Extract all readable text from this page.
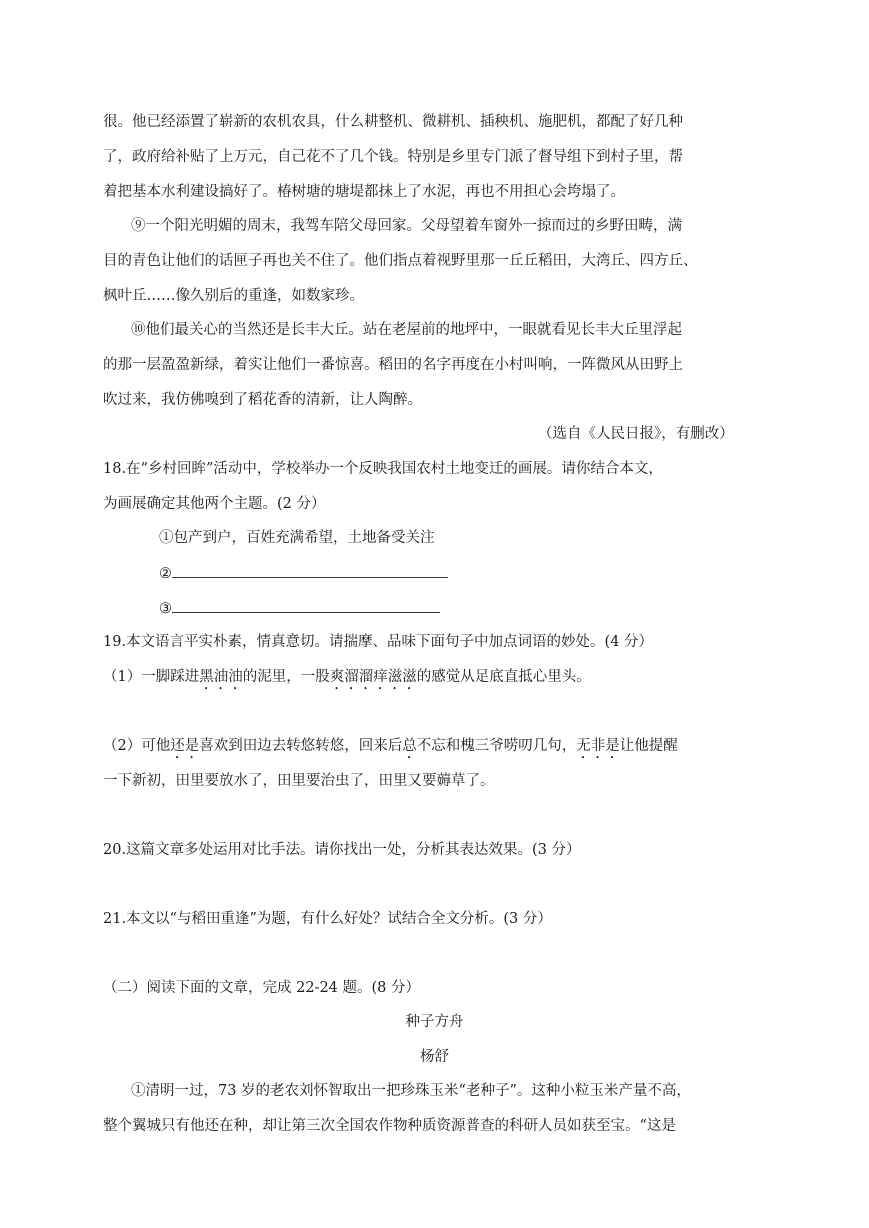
很。他已经添置了崭新的农机农具，什么耕整机、微耕机、插秧机、施肥机，都配了好几种
了，政府给补贴了上万元，自己花不了几个钱。特别是乡里专门派了督导组下到村子里，帮
着把基本水利建设搞好了。椿树塘的塘堤都抹上了水泥，再也不用担心会垮塌了。
⑨一个阳光明媚的周末，我驾车陪父母回家。父母望着车窗外一掠而过的乡野田畴，满
目的青色让他们的话匣子再也关不住了。他们指点着视野里那一丘丘稻田，大湾丘、四方丘、
枫叶丘……像久别后的重逢，如数家珍。
⑩他们最关心的当然还是长丰大丘。站在老屋前的地坪中，一眼就看见长丰大丘里浮起
的那一层盈盈新绿，着实让他们一番惊喜。稻田的名字再度在小村叫响，一阵微风从田野上
吹过来，我仿佛嗅到了稻花香的清新，让人陶醉。
（选自《人民日报》，有删改）
18.在“乡村回眸”活动中，学校举办一个反映我国农村土地变迁的画展。请你结合本文，
为画展确定其他两个主题。(2 分）
①包产到户，百姓充满希望，土地备受关注
②
③
19.本文语言平实朴素，情真意切。请揣摩、品味下面句子中加点词语的妙处。(4 分）
（1）一脚踩进黑油油的泥里，一股爽溜溜痒滋滋的感觉从足底直抵心里头。
（2）可他还是喜欢到田边去转悠转悠，回来后总不忘和槐三爷唠叨几句，无非是让他提醒
一下新初，田里要放水了，田里要治虫了，田里又要薅草了。
20.这篇文章多处运用对比手法。请你找出一处，分析其表达效果。(3 分）
21.本文以“与稻田重逢”为题，有什么好处？试结合全文分析。(3 分）
（二）阅读下面的文章，完成 22-24 题。(8 分）
种子方舟
杨舒
①清明一过，73 岁的老农刘怀智取出一把珍珠玉米“老种子”。这种小粒玉米产量不高，
整个翼城只有他还在种，却让第三次全国农作物种质资源普查的科研人员如获至宝。“这是
